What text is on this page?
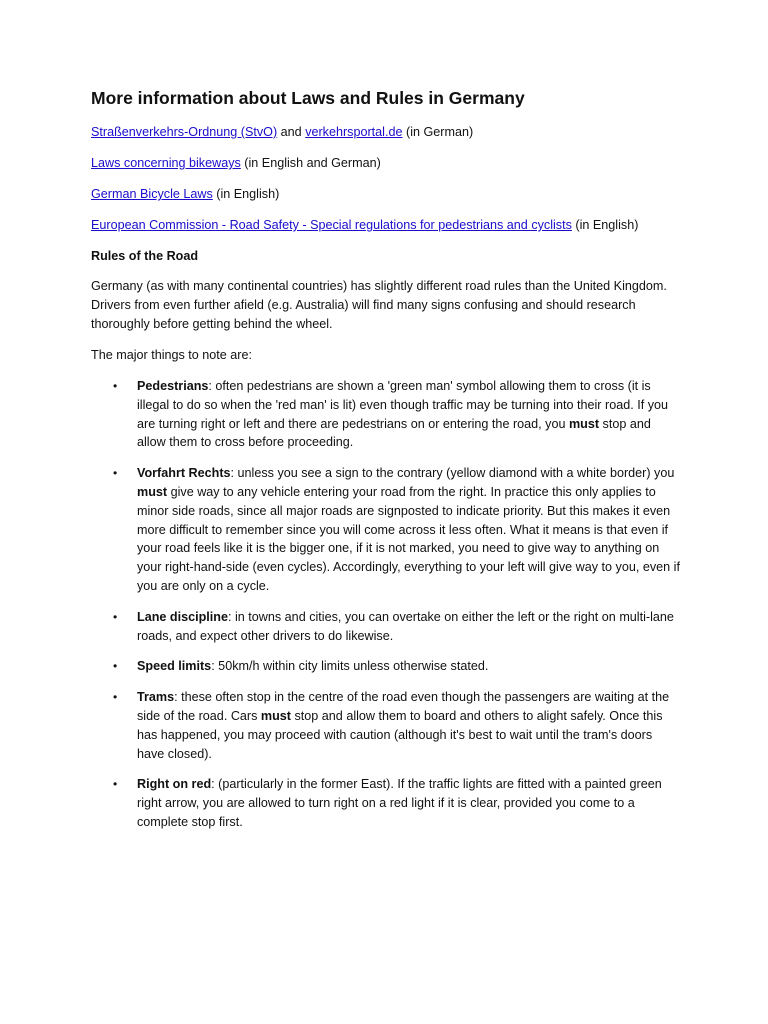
More information about Laws and Rules in Germany

Straßenverkehrs-Ordnung (StvO) and verkehrsportal.de (in German)

Laws concerning bikeways (in English and German)

German Bicycle Laws (in English)

European Commission - Road Safety - Special regulations for pedestrians and cyclists (in English)

Rules of the Road

Germany (as with many continental countries) has slightly different road rules than the United Kingdom. Drivers from even further afield (e.g. Australia) will find many signs confusing and should research thoroughly before getting behind the wheel.

The major things to note are:

• Pedestrians: often pedestrians are shown a 'green man' symbol allowing them to cross (it is illegal to do so when the 'red man' is lit) even though traffic may be turning into their road. If you are turning right or left and there are pedestrians on or entering the road, you must stop and allow them to cross before proceeding.
• Vorfahrt Rechts: unless you see a sign to the contrary (yellow diamond with a white border) you must give way to any vehicle entering your road from the right. In practice this only applies to minor side roads, since all major roads are signposted to indicate priority. But this makes it even more difficult to remember since you will come across it less often. What it means is that even if your road feels like it is the bigger one, if it is not marked, you need to give way to anything on your right-hand-side (even cycles). Accordingly, everything to your left will give way to you, even if you are only on a cycle.
• Lane discipline: in towns and cities, you can overtake on either the left or the right on multi-lane roads, and expect other drivers to do likewise.
• Speed limits: 50km/h within city limits unless otherwise stated.
• Trams: these often stop in the centre of the road even though the passengers are waiting at the side of the road. Cars must stop and allow them to board and others to alight safely. Once this has happened, you may proceed with caution (although it's best to wait until the tram's doors have closed).
• Right on red: (particularly in the former East). If the traffic lights are fitted with a painted green right arrow, you are allowed to turn right on a red light if it is clear, provided you come to a complete stop first.
